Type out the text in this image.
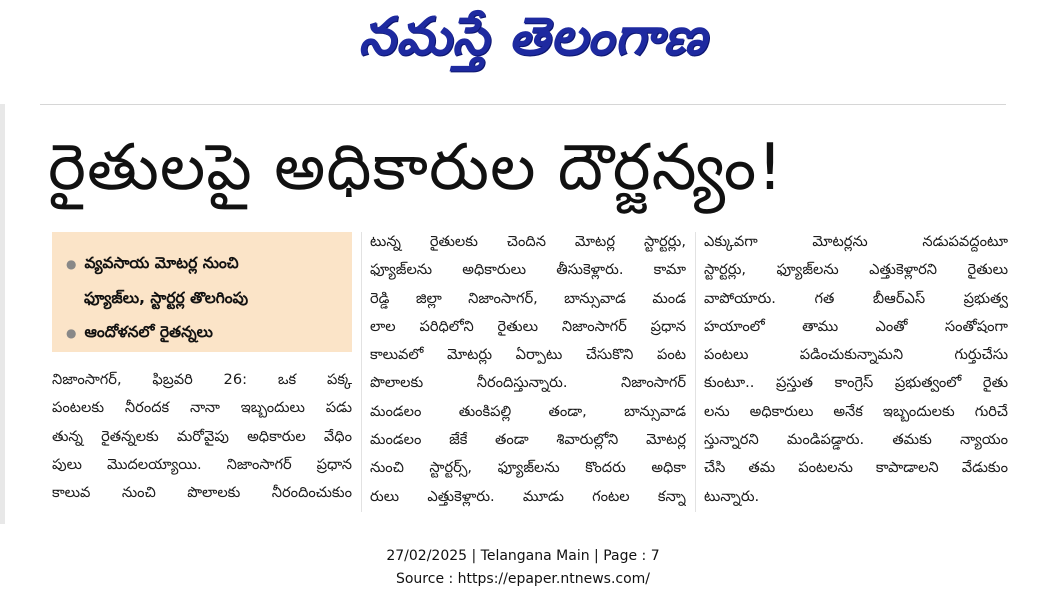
నమస్తే తెలంగాణ
రైతులపై అధికారుల దౌర్జన్యం!
● వ్యవసాయ మోటర్ల నుంచి
ఫ్యూజ్‌లు, స్టార్టర్ల తొలగింపు
● ఆందోళనలో రైతన్నలు
నిజాంసాగర్, ఫిబ్రవరి 26: ఒక పక్క
పంటలకు నీరందక నానా ఇబ్బందులు పడు
తున్న రైతన్నలకు మరోవైపు అధికారుల వేధిం
పులు మొదలయ్యాయి. నిజాంసాగర్ ప్రధాన
కాలువ నుంచి పొలాలకు నీరందించుకుం
టున్న రైతులకు చెందిన మోటర్ల స్టార్టర్లు,
ఫ్యూజ్‌లను అధికారులు తీసుకెళ్లారు. కామా
రెడ్డి జిల్లా నిజాంసాగర్, బాన్సువాడ మండ
లాల పరిధిలోని రైతులు నిజాంసాగర్ ప్రధాన
కాలువలో మోటర్లు ఏర్పాటు చేసుకొని పంట
పొలాలకు నీరందిస్తున్నారు. నిజాంసాగర్
మండలం తుంకిపల్లి తండా, బాన్సువాడ
మండలం జేకే తండా శివారుల్లోని మోటర్ల
నుంచి స్టార్టర్స్, ఫ్యూజ్‌లను కొందరు అధికా
రులు ఎత్తుకెళ్లారు. మూడు గంటల కన్నా
ఎక్కువగా మోటర్లను నడుపవద్దంటూ
స్టార్టర్లు, ఫ్యూజ్‌లను ఎత్తుకెళ్లారని రైతులు
వాపోయారు. గత బీఆర్‌ఎస్ ప్రభుత్వ
హయాంలో తాము ఎంతో సంతోషంగా
పంటలు పడించుకున్నామని గుర్తుచేసు
కుంటూ.. ప్రస్తుత కాంగ్రెస్ ప్రభుత్వంలో రైతు
లను అధికారులు అనేక ఇబ్బందులకు గురిచే
స్తున్నారని మండిపడ్డారు. తమకు న్యాయం
చేసి తమ పంటలను కాపాడాలని వేడుకుం
టున్నారు.
27/02/2025 | Telangana Main | Page : 7
Source : https://epaper.ntnews.com/
